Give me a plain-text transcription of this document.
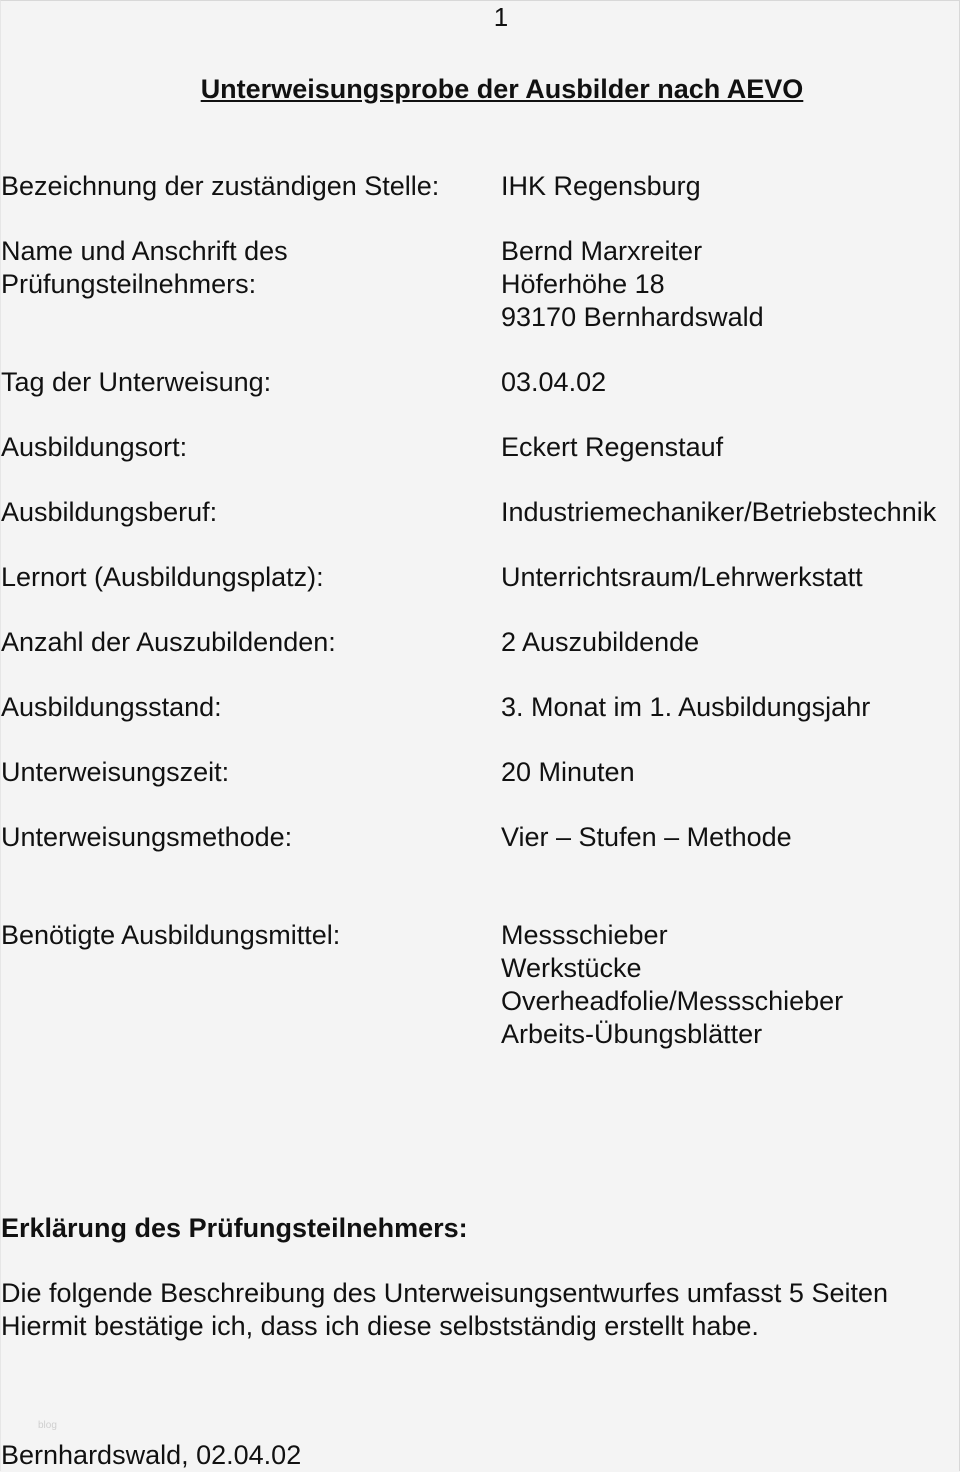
1
Unterweisungsprobe der Ausbilder nach AEVO
Bezeichnung der zuständigen Stelle: IHK Regensburg
Name und Anschrift des
Prüfungsteilnehmers:
Bernd Marxreiter
Höferhöhe 18
93170 Bernhardswald
Tag der Unterweisung:	03.04.02
Ausbildungsort:	Eckert Regenstauf
Ausbildungsberuf:	Industriemechaniker/Betriebstechnik
Lernort (Ausbildungsplatz):	Unterrichtsraum/Lehrwerkstatt
Anzahl der Auszubildenden:	2 Auszubildende
Ausbildungsstand:	3. Monat im 1. Ausbildungsjahr
Unterweisungszeit:	20 Minuten
Unterweisungsmethode:	Vier – Stufen – Methode
Benötigte Ausbildungsmittel:	Messschieber
Werkstücke
Overheadfolie/Messschieber
Arbeits-Übungsblätter
Erklärung des Prüfungsteilnehmers:
Die folgende Beschreibung des Unterweisungsentwurfes umfasst 5 Seiten
Hiermit bestätige ich, dass ich diese selbstständig erstellt habe.
blog
Bernhardswald, 02.04.02
